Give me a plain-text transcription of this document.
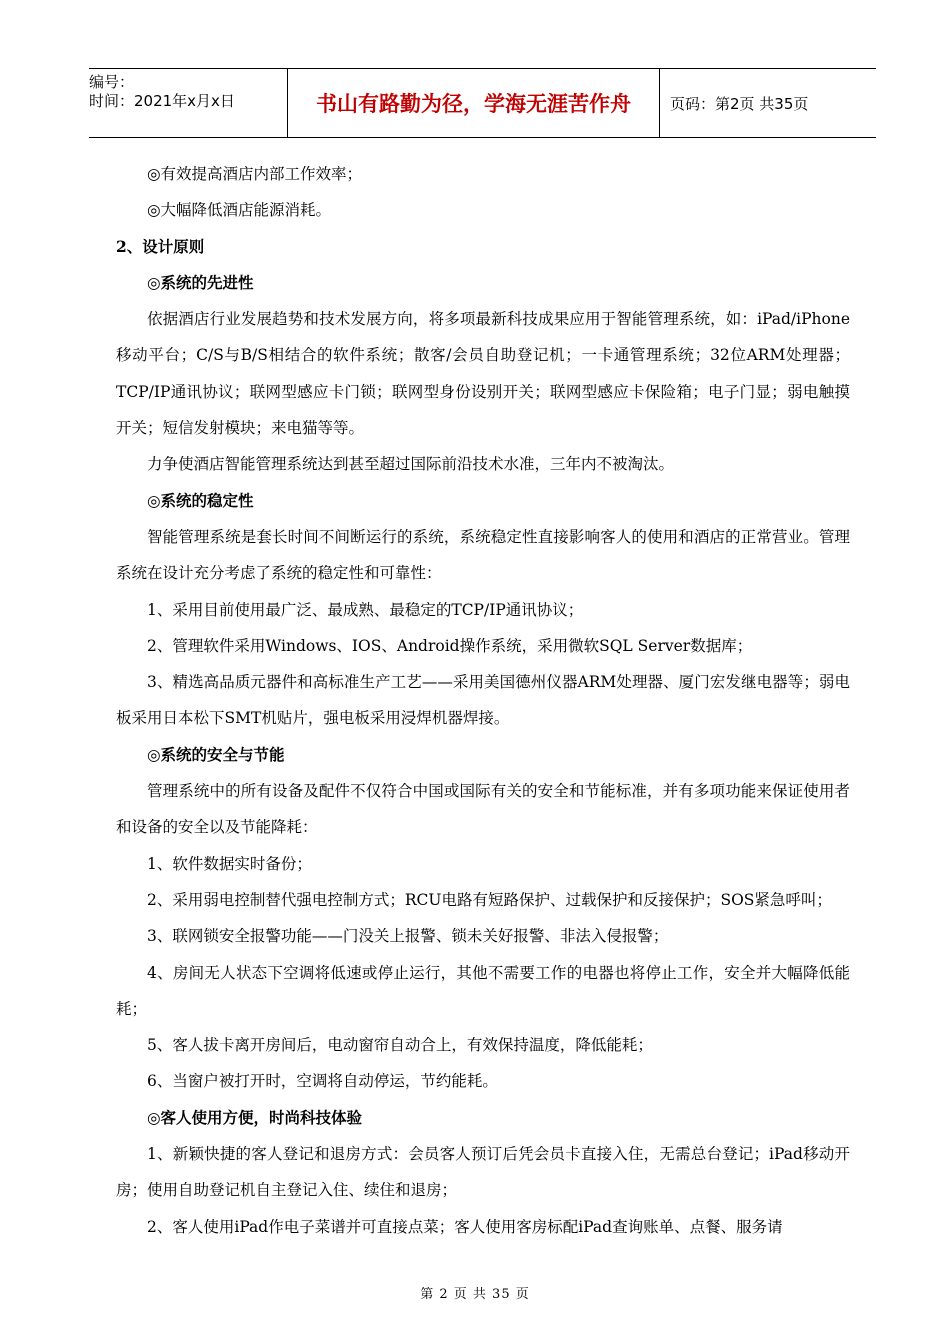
编号：
时间：2021年x月x日	书山有路勤为径，学海无涯苦作舟	页码：第2页 共35页

◎有效提高酒店内部工作效率；

◎大幅降低酒店能源消耗。

2、设计原则

◎系统的先进性

依据酒店行业发展趋势和技术发展方向，将多项最新科技成果应用于智能管理系统，如：iPad/iPhone移动平台；C/S与B/S相结合的软件系统；散客/会员自助登记机；一卡通管理系统；32位ARM处理器；TCP/IP通讯协议；联网型感应卡门锁；联网型身份设别开关；联网型感应卡保险箱；电子门显；弱电触摸开关；短信发射模块；来电猫等等。

力争使酒店智能管理系统达到甚至超过国际前沿技术水准，三年内不被淘汰。

◎系统的稳定性

智能管理系统是套长时间不间断运行的系统，系统稳定性直接影响客人的使用和酒店的正常营业。管理系统在设计充分考虑了系统的稳定性和可靠性：

1、采用目前使用最广泛、最成熟、最稳定的TCP/IP通讯协议；

2、管理软件采用Windows、IOS、Android操作系统，采用微软SQL Server数据库；

3、精选高品质元器件和高标准生产工艺——采用美国德州仪器ARM处理器、厦门宏发继电器等；弱电板采用日本松下SMT机贴片，强电板采用浸焊机器焊接。

◎系统的安全与节能

管理系统中的所有设备及配件不仅符合中国或国际有关的安全和节能标准，并有多项功能来保证使用者和设备的安全以及节能降耗：

1、软件数据实时备份；

2、采用弱电控制替代强电控制方式；RCU电路有短路保护、过载保护和反接保护；SOS紧急呼叫；

3、联网锁安全报警功能——门没关上报警、锁未关好报警、非法入侵报警；

4、房间无人状态下空调将低速或停止运行，其他不需要工作的电器也将停止工作，安全并大幅降低能耗；

5、客人拔卡离开房间后，电动窗帘自动合上，有效保持温度，降低能耗；

6、当窗户被打开时，空调将自动停运，节约能耗。

◎客人使用方便，时尚科技体验

1、新颖快捷的客人登记和退房方式：会员客人预订后凭会员卡直接入住，无需总台登记；iPad移动开房；使用自助登记机自主登记入住、续住和退房；

2、客人使用iPad作电子菜谱并可直接点菜；客人使用客房标配iPad查询账单、点餐、服务请

第 2 页 共 35 页
